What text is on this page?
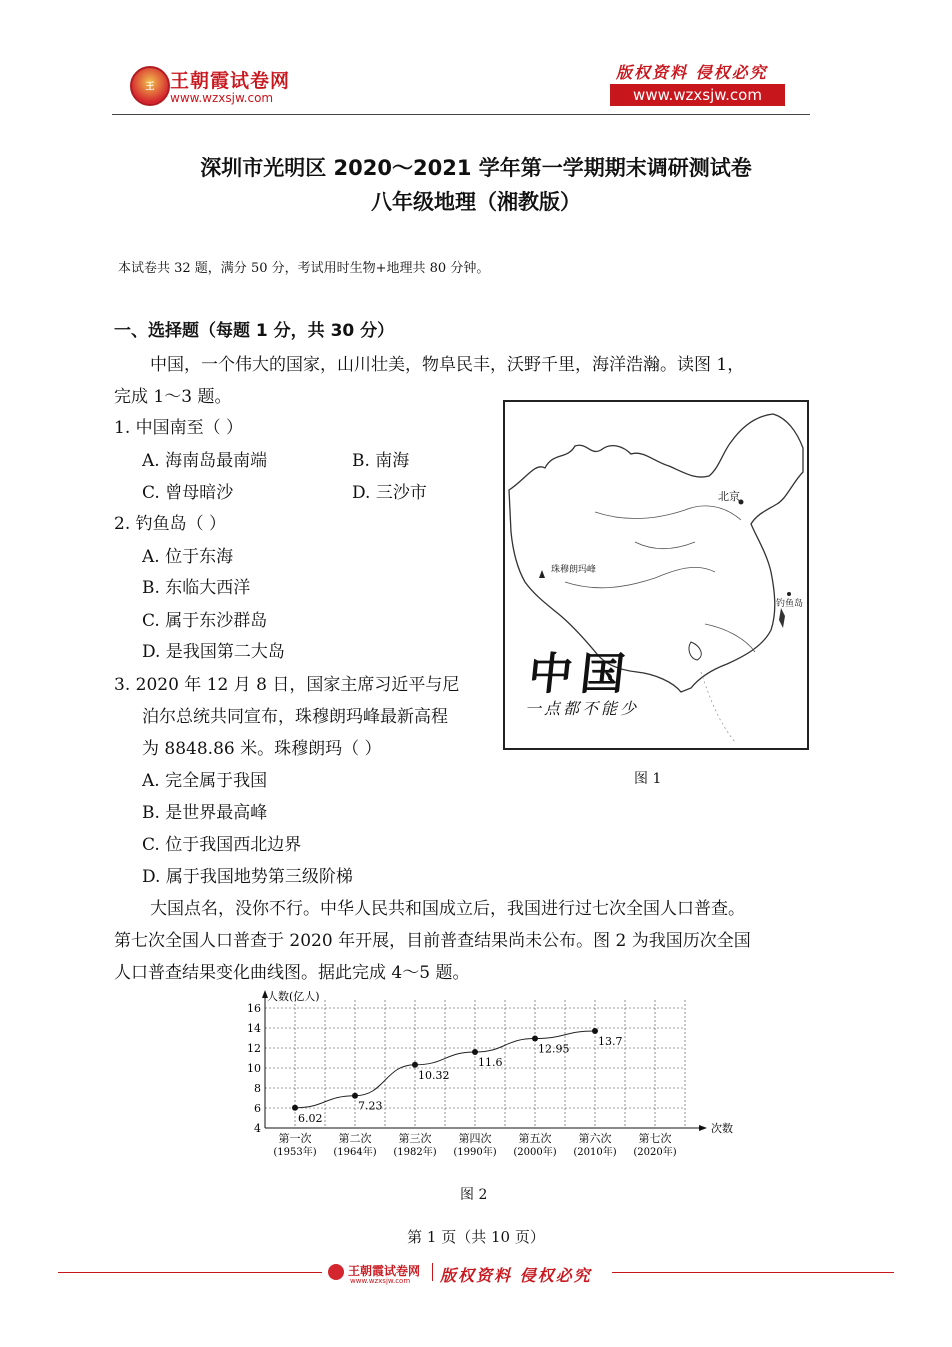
王 王朝霞试卷网
www.wzxsjw.com
版权资料 侵权必究
www.wzxsjw.com
深圳市光明区 2020～2021 学年第一学期期末调研测试卷
八年级地理（湘教版）
本试卷共 32 题，满分 50 分，考试用时生物+地理共 80 分钟。
一、选择题（每题 1 分，共 30 分）
中国，一个伟大的国家，山川壮美，物阜民丰，沃野千里，海洋浩瀚。读图 1，
完成 1～3 题。
1. 中国南至（ ）
A. 海南岛最南端	B. 南海
C. 曾母暗沙	D. 三沙市
2. 钓鱼岛（ ）
A. 位于东海
B. 东临大西洋
C. 属于东沙群岛
D. 是我国第二大岛
3. 2020 年 12 月 8 日，国家主席习近平与尼
泊尔总统共同宣布，珠穆朗玛峰最新高程
为 8848.86 米。珠穆朗玛（ ）
A. 完全属于我国
B. 是世界最高峰
C. 位于我国西北边界
D. 属于我国地势第三级阶梯
北京
珠穆朗玛峰
钓鱼岛
中国
一点都不能少
图 1
大国点名，没你不行。中华人民共和国成立后，我国进行过七次全国人口普查。
第七次全国人口普查于 2020 年开展，目前普查结果尚未公布。图 2 为我国历次全国
人口普查结果变化曲线图。据此完成 4～5 题。
4
6
8
10
12
14
16
人数(亿人)
次数
第一次
(1953年)
第二次
(1964年)
第三次
(1982年)
第四次
(1990年)
第五次
(2000年)
第六次
(2010年)
第七次
(2020年)
6.02
7.23
10.32
11.6
12.95
13.7
图 2
第 1 页（共 10 页）
王朝霞试卷网
www.wzxsjw.com 版权资料 侵权必究
